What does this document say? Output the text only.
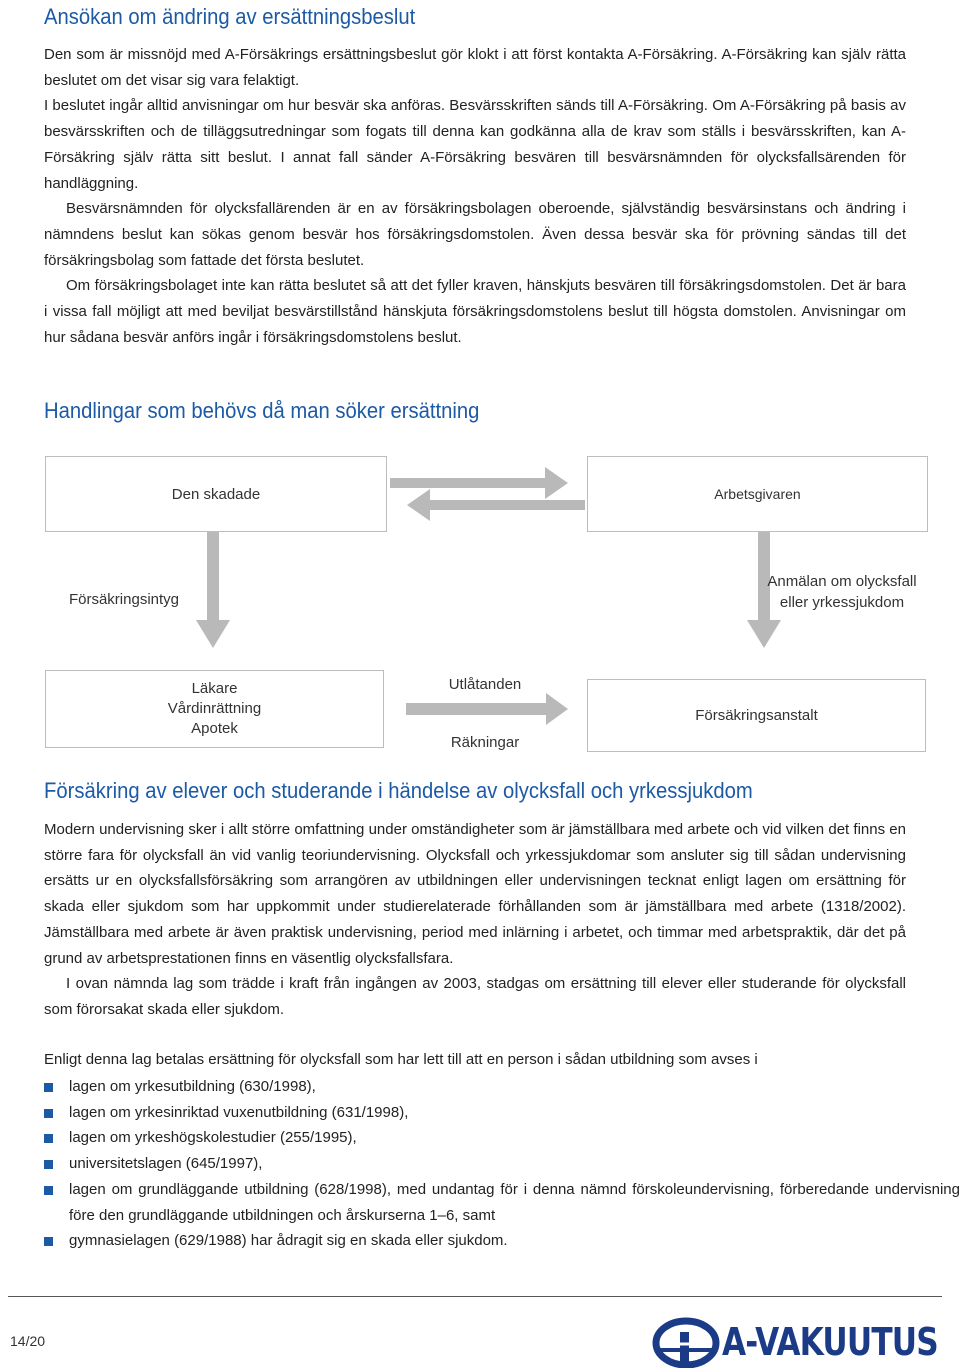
Ansökan om ändring av ersättningsbeslut

Den som är missnöjd med A-Försäkrings ersättningsbeslut gör klokt i att först kontakta A-Försäkring. A-Försäkring kan själv rätta beslutet om det visar sig vara felaktigt.

I beslutet ingår alltid anvisningar om hur besvär ska anföras. Besvärsskriften sänds till A-Försäkring. Om A-Försäkring på basis av besvärsskriften och de tilläggsutredningar som fogats till denna kan godkänna alla de krav som ställs i besvärsskriften, kan A-Försäkring själv rätta sitt beslut. I annat fall sänder A-Försäkring besvären till besvärsnämnden för olycksfallsärenden för handläggning.

Besvärsnämnden för olycksfallärenden är en av försäkringsbolagen oberoende, självständig besvärsinstans och ändring i nämndens beslut kan sökas genom besvär hos försäkringsdomstolen. Även dessa besvär ska för prövning sändas till det försäkringsbolag som fattade det första beslutet.

Om försäkringsbolaget inte kan rätta beslutet så att det fyller kraven, hänskjuts besvären till försäkringsdomstolen. Det är bara i vissa fall möjligt att med beviljat besvärstillstånd hänskjuta försäkringsdomstolens beslut till högsta domstolen. Anvisningar om hur sådana besvär anförs ingår i försäkringsdomstolens beslut.

Handlingar som behövs då man söker ersättning
Den skadade	Arbetsgivaren
Försäkringsintyg
Anmälan om olycksfall
eller yrkessjukdom
Läkare
Vårdinrättning
Apotek
Utlåtanden
Räkningar
Försäkringsanstalt
Försäkring av elever och studerande i händelse av olycksfall och yrkessjukdom

Modern undervisning sker i allt större omfattning under omständigheter som är jämställbara med arbete och vid vilken det finns en större fara för olycksfall än vid vanlig teoriundervisning. Olycksfall och yrkessjukdomar som ansluter sig till sådan undervisning ersätts ur en olycksfallsförsäkring som arrangören av utbildningen eller undervisningen tecknat enligt lagen om ersättning för skada eller sjukdom som har uppkommit under studierelaterade förhållanden som är jämställbara med arbete (1318/2002). Jämställbara med arbete är även praktisk undervisning, period med inlärning i arbetet, och timmar med arbetspraktik, där det på grund av arbetsprestationen finns en väsentlig olycksfallsfara.

I ovan nämnda lag som trädde i kraft från ingången av 2003, stadgas om ersättning till elever eller studerande för olycksfall som förorsakat skada eller sjukdom.

Enligt denna lag betalas ersättning för olycksfall som har lett till att en person i sådan utbildning som avses i

lagen om yrkesutbildning (630/1998),
lagen om yrkesinriktad vuxenutbildning (631/1998),
lagen om yrkeshögskolestudier (255/1995),
universitetslagen (645/1997),
lagen om grundläggande utbildning (628/1998), med undantag för i denna nämnd förskoleundervisning, förberedande undervisning före den grundläggande utbildningen och årskurserna 1–6, samt
gymnasielagen (629/1988) har ådragit sig en skada eller sjukdom.
14/20	A-VAKUUTUS
